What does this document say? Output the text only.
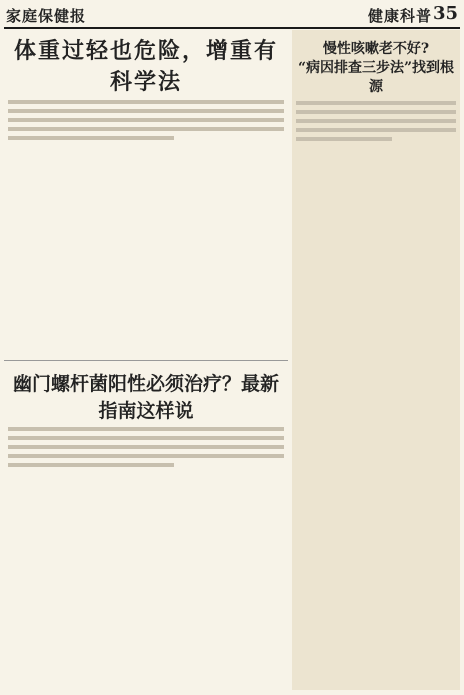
家庭保健报	健康科普 35
体重过轻也危险，增重有科学法
慢性咳嗽老不好?
“病因排查三步法”找到根源
幽门螺杆菌阳性必须治疗？最新指南这样说
